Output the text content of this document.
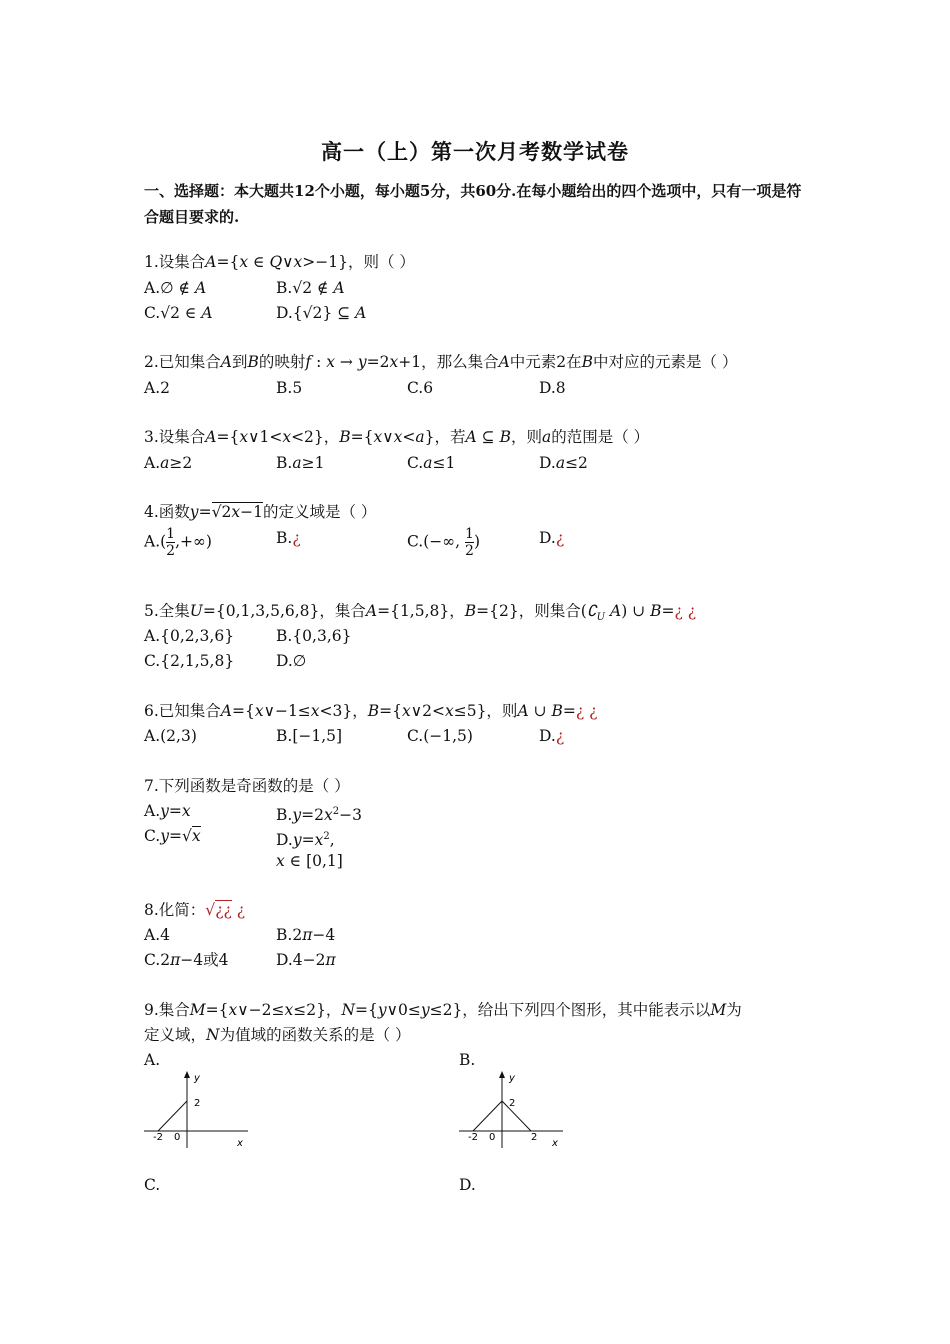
高一（上）第一次月考数学试卷
一、选择题：本大题共12个小题，每小题5分，共60分.在每小题给出的四个选项中，只有一项是符合题目要求的.
1.设集合A={x ∈ Q∨x>−1}，则（ ）
A.∅ ∉ A	B.√2 ∉ A
C.√2 ∈ A	D.{√2} ⊆ A
2.已知集合A到B的映射f : x → y=2x+1，那么集合A中元素2在B中对应的元素是（ ）
A.2	B.5	C.6	D.8
3.设集合A={x∨1<x<2}，B={x∨x<a}，若A ⊆ B，则a的范围是（ ）
A.a≥2	B.a≥1	C.a≤1	D.a≤2
4.函数y=√2x−1的定义域是（ ）
$A.( \frac{1}{2}$ ,+∞)	B.¿	C.(−∞, $\frac{1}{2}$ )	D.¿
5.全集U={0,1,3,5,6,8}，集合A={1,5,8}，B={2}，则集合($∁_U$ A) ∪ B=¿ ¿
A.{0,2,3,6}	B.{0,3,6}
C.{2,1,5,8}	D.∅
6.已知集合A={x∨−1≤x<3}，B={x∨2<x≤5}，则A ∪ B=¿ ¿
A.(2,3)	B.[−1,5]	C.(−1,5)	D.¿
7.下列函数是奇函数的是（ ）
A.y=x	$B.y=2x^2-3$
C.y=√x	$D.y=x^2$,
x ∈ [0,1]
8.化简：√¿¿ ¿
A.4	B.2π−4
C.2π−4或4	D.4−2π
9.集合M={x∨−2≤x≤2}，N={y∨0≤y≤2}，给出下列四个图形，其中能表示以M为
定义域，N为值域的函数关系的是（ ）
A.	B.
y
2
-2 0
x
y
2
-2 0	2
x
C.	D.
